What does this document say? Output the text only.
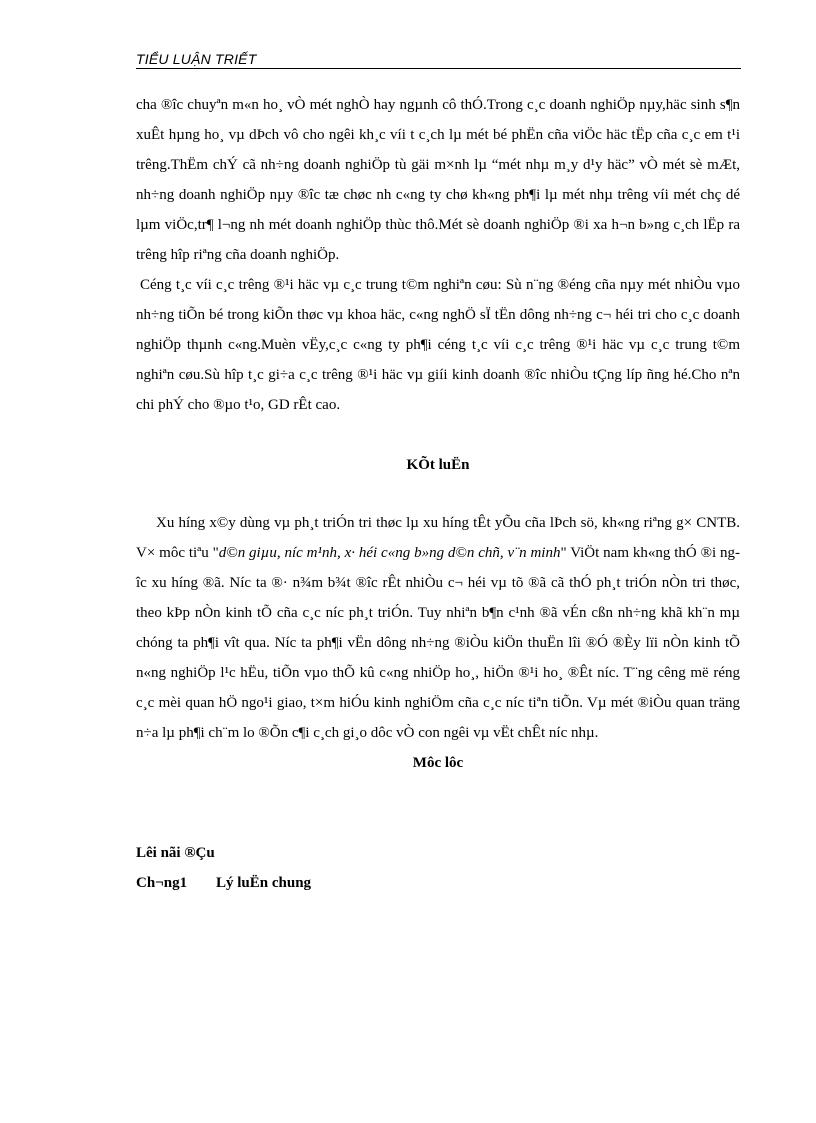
TIỂU LUẬN TRIẾT

cha ®îc chuyªn m«n ho¸ vÒ mét nghÒ hay ngµnh cô thÓ.Trong c¸c doanh nghiÖp nµy,häc sinh s¶n xuÊt hµng ho¸ vµ dÞch vô cho ngêi kh¸c víi t c¸ch lµ mét bé phËn cña viÖc häc tËp cña c¸c em t¹i trêng.ThËm chÝ cã nh÷ng doanh nghiÖp tù gäi m×nh lµ “mét nhµ m¸y d¹y häc” vÒ mét sè mÆt, nh÷ng doanh nghiÖp nµy ®îc tæ chøc nh c«ng ty chø kh«ng ph¶i lµ mét nhµ trêng víi mét chç dé lµm viÖc,tr¶ l¬ng nh mét doanh nghiÖp thùc thô.Mét sè doanh nghiÖp ®i xa h¬n b»ng c¸ch lËp ra trêng hîp riªng cña doanh nghiÖp.

Céng t¸c víi c¸c trêng ®¹i häc vµ c¸c trung t©m nghiªn cøu: Sù n¨ng ®éng cña nµy mét nhiÒu vµo nh÷ng tiÕn bé trong kiÕn thøc vµ khoa häc, c«ng nghÖ sÏ tËn dông nh÷ng c¬ héi tri cho c¸c doanh nghiÖp thµnh c«ng.Muèn vËy,c¸c c«ng ty ph¶i céng t¸c víi c¸c trêng ®¹i häc vµ c¸c trung t©m nghiªn cøu.Sù hîp t¸c gi÷a c¸c trêng ®¹i häc vµ giíi kinh doanh ®îc nhiÒu tÇng líp ñng hé.Cho nªn chi phÝ cho ®µo t¹o, GD rÊt cao.

KÕt luËn

Xu híng x©y dùng vµ ph¸t triÓn tri thøc lµ xu híng tÊt yÕu cña lÞch sö, kh«ng riªng g× CNTB. V× môc tiªu "d©n giµu, níc m¹nh, x· héi c«ng b»ng d©n chñ, v¨n minh" ViÖt nam kh«ng thÓ ®i ngîc xu híng ®ã. Níc ta ®· n¾m b¾t ®îc rÊt nhiÒu c¬ héi vµ tõ ®ã cã thÓ ph¸t triÓn nÒn tri thøc, theo kÞp nÒn kinh tÕ cña c¸c níc ph¸t triÓn. Tuy nhiªn b¶n c¹nh ®ã vÉn cßn nh÷ng khã kh¨n mµ chóng ta ph¶i vît qua. Níc ta ph¶i vËn dông nh÷ng ®iÒu kiÖn thuËn lîi ®Ó ®Èy lïi nÒn kinh tÕ n«ng nghiÖp l¹c hËu, tiÕn vµo thÕ kû c«ng nhiÖp ho¸, hiÖn ®¹i ho¸ ®Êt níc. T¨ng cêng më réng c¸c mèi quan hÖ ngo¹i giao, t×m hiÓu kinh nghiÖm cña c¸c níc tiªn tiÕn. Vµ mét ®iÒu quan träng n÷a lµ ph¶i ch¨m lo ®Õn c¶i c¸ch gi¸o dôc vÒ con ngêi vµ vËt chÊt níc nhµ.

Môc lôc

Lêi nãi ®Çu

Ch¬ng1 Lý luËn chung
